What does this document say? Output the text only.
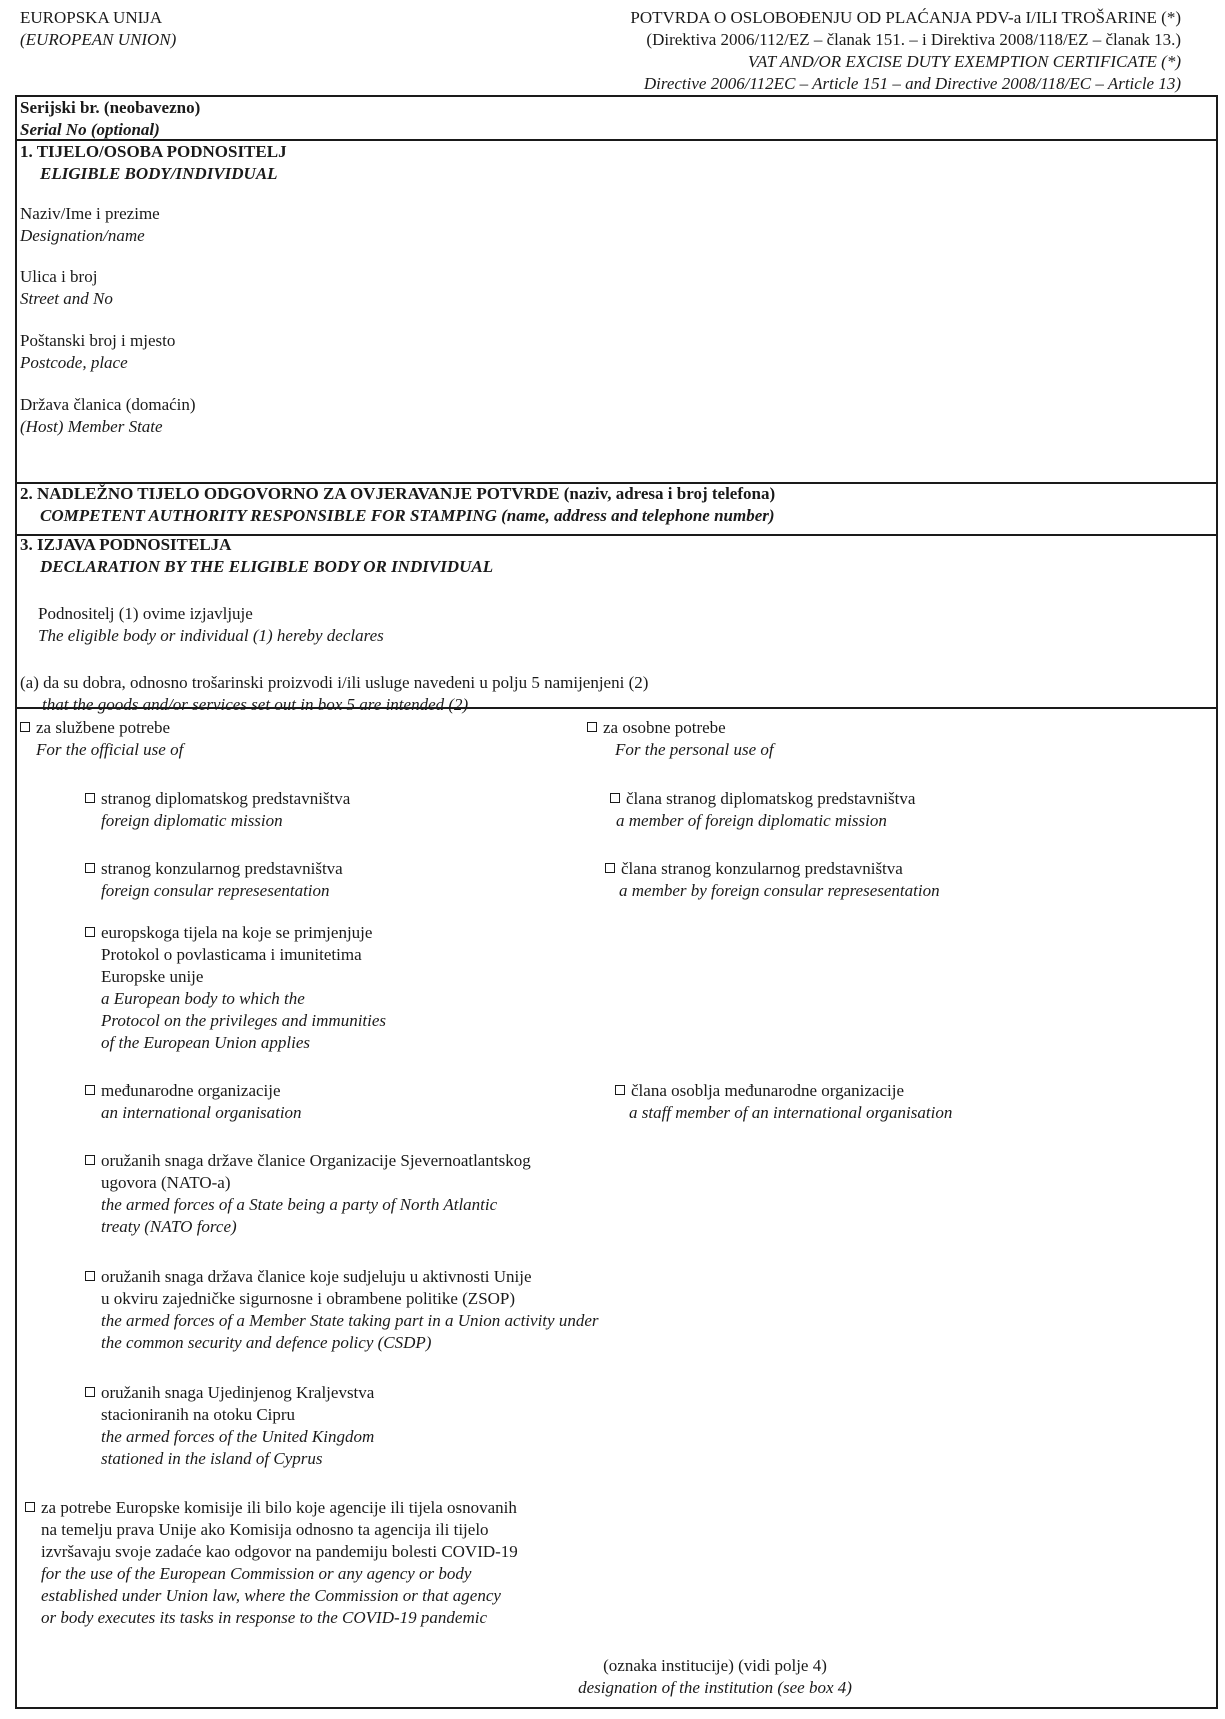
EUROPSKA UNIJA
(EUROPEAN UNION)
POTVRDA O OSLOBOĐENJU OD PLAĆANJA PDV-a I/ILI TROŠARINE (*)
(Direktiva 2006/112/EZ – članak 151. – i Direktiva 2008/118/EZ – članak 13.)
VAT AND/OR EXCISE DUTY EXEMPTION CERTIFICATE (*)
Directive 2006/112EC – Article 151 – and Directive 2008/118/EC – Article 13)
Serijski br. (neobavezno)
Serial No (optional)
1. TIJELO/OSOBA PODNOSITELJ
ELIGIBLE BODY/INDIVIDUAL
Naziv/Ime i prezime
Designation/name
Ulica i broj
Street and No
Poštanski broj i mjesto
Postcode, place
Država članica (domaćin)
(Host) Member State
2. NADLEŽNO TIJELO ODGOVORNO ZA OVJERAVANJE POTVRDE (naziv, adresa i broj telefona)
COMPETENT AUTHORITY RESPONSIBLE FOR STAMPING (name, address and telephone number)
3. IZJAVA PODNOSITELJA
DECLARATION BY THE ELIGIBLE BODY OR INDIVIDUAL
Podnositelj (1) ovime izjavljuje
The eligible body or individual (1) hereby declares
(a) da su dobra, odnosno trošarinski proizvodi i/ili usluge navedeni u polju 5 namijenjeni (2)
that the goods and/or services set out in box 5 are intended (2)
za službene potrebe
For the official use of
za osobne potrebe
For the personal use of
stranog diplomatskog predstavništva
foreign diplomatic mission
člana stranog diplomatskog predstavništva
a member of foreign diplomatic mission
stranog konzularnog predstavništva
foreign consular represesentation
člana stranog konzularnog predstavništva
a member by foreign consular represesentation
europskoga tijela na koje se primjenjuje
Protokol o povlasticama i imunitetima
Europske unije
a European body to which the
Protocol on the privileges and immunities
of the European Union applies
međunarodne organizacije
an international organisation
člana osoblja međunarodne organizacije
a staff member of an international organisation
oružanih snaga države članice Organizacije Sjevernoatlantskog
ugovora (NATO-a)
the armed forces of a State being a party of North Atlantic
treaty (NATO force)
oružanih snaga država članice koje sudjeluju u aktivnosti Unije
u okviru zajedničke sigurnosne i obrambene politike (ZSOP)
the armed forces of a Member State taking part in a Union activity under
the common security and defence policy (CSDP)
oružanih snaga Ujedinjenog Kraljevstva
stacioniranih na otoku Cipru
the armed forces of the United Kingdom
stationed in the island of Cyprus
za potrebe Europske komisije ili bilo koje agencije ili tijela osnovanih
na temelju prava Unije ako Komisija odnosno ta agencija ili tijelo
izvršavaju svoje zadaće kao odgovor na pandemiju bolesti COVID-19
for the use of the European Commission or any agency or body
established under Union law, where the Commission or that agency
or body executes its tasks in response to the COVID-19 pandemic
(oznaka institucije) (vidi polje 4)
designation of the institution (see box 4)
